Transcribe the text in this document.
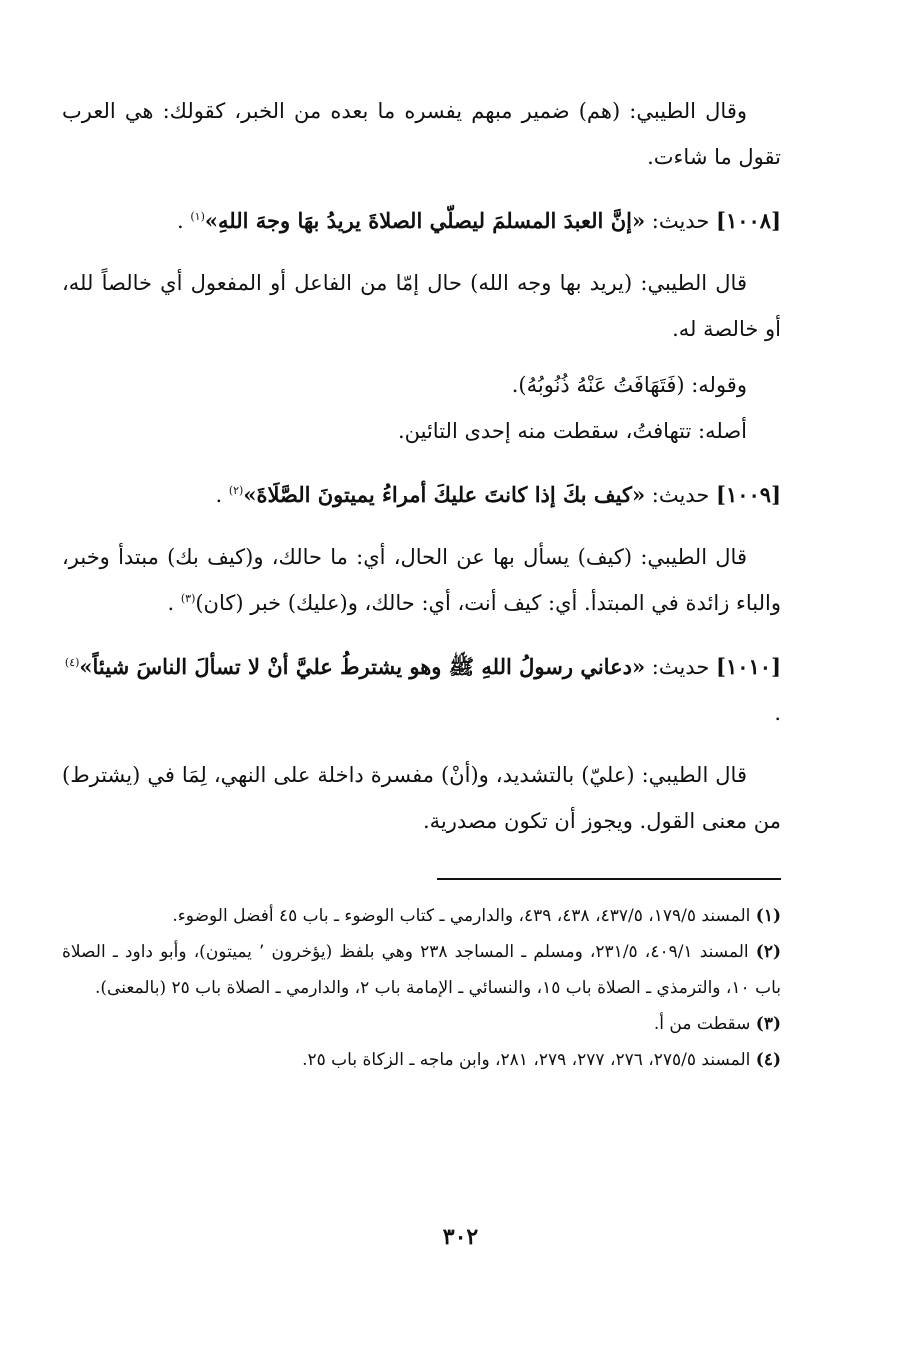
وقال الطيبي: (هم) ضمير مبهم يفسره ما بعده من الخبر، كقولك: هي العرب تقول ما شاءت.

[١٠٠٨] حديث: «إنَّ العبدَ المسلمَ ليصلّي الصلاةَ يريدُ بهَا وجهَ اللهِ»$^{(١)}$ .

قال الطيبي: (يريد بها وجه الله) حال إمّا من الفاعل أو المفعول أي خالصاً لله، أو خالصة له.

وقوله: (فَتَهَافَتُ عَنْهُ ذُنُوبُهُ).

أصله: تتهافتُ، سقطت منه إحدى التائين.

[١٠٠٩] حديث: «كيف بكَ إذا كانتَ عليكَ أمراءُ يميتونَ الصَّلَاةَ»$^{(٢)}$ .

قال الطيبي: (كيف) يسأل بها عن الحال، أي: ما حالك، و(كيف بك) مبتدأ وخبر، والباء زائدة في المبتدأ. أي: كيف أنت، أي: حالك، و(عليك) خبر (كان)$^{(٣)}$ .

[١٠١٠] حديث: «دعاني رسولُ اللهِ ﷺ وهو يشترطُ عليَّ أنْ لا تسألَ الناسَ شيئاً»$^{(٤)}$ .

قال الطيبي: (عليّ) بالتشديد، و(أنْ) مفسرة داخلة على النهي، لِمَا في (يشترط) من معنى القول. ويجوز أن تكون مصدرية.

(١) المسند ١٧٩/٥، ٤٣٧/٥، ٤٣٨، ٤٣٩، والدارمي ـ كتاب الوضوء ـ باب ٤٥ أفضل الوضوء.

(٢) المسند ٤٠٩/١، ٢٣١/٥، ومسلم ـ المساجد ٢٣٨ وهي بلفظ (يؤخرون ٬ يميتون)، وأبو داود ـ الصلاة باب ١٠، والترمذي ـ الصلاة باب ١٥، والنسائي ـ الإمامة باب ٢، والدارمي ـ الصلاة باب ٢٥ (بالمعنى).

(٣) سقطت من أ.

(٤) المسند ٢٧٥/٥، ٢٧٦، ٢٧٧، ٢٧٩، ٢٨١، وابن ماجه ـ الزكاة باب ٢٥.

٣٠٢
